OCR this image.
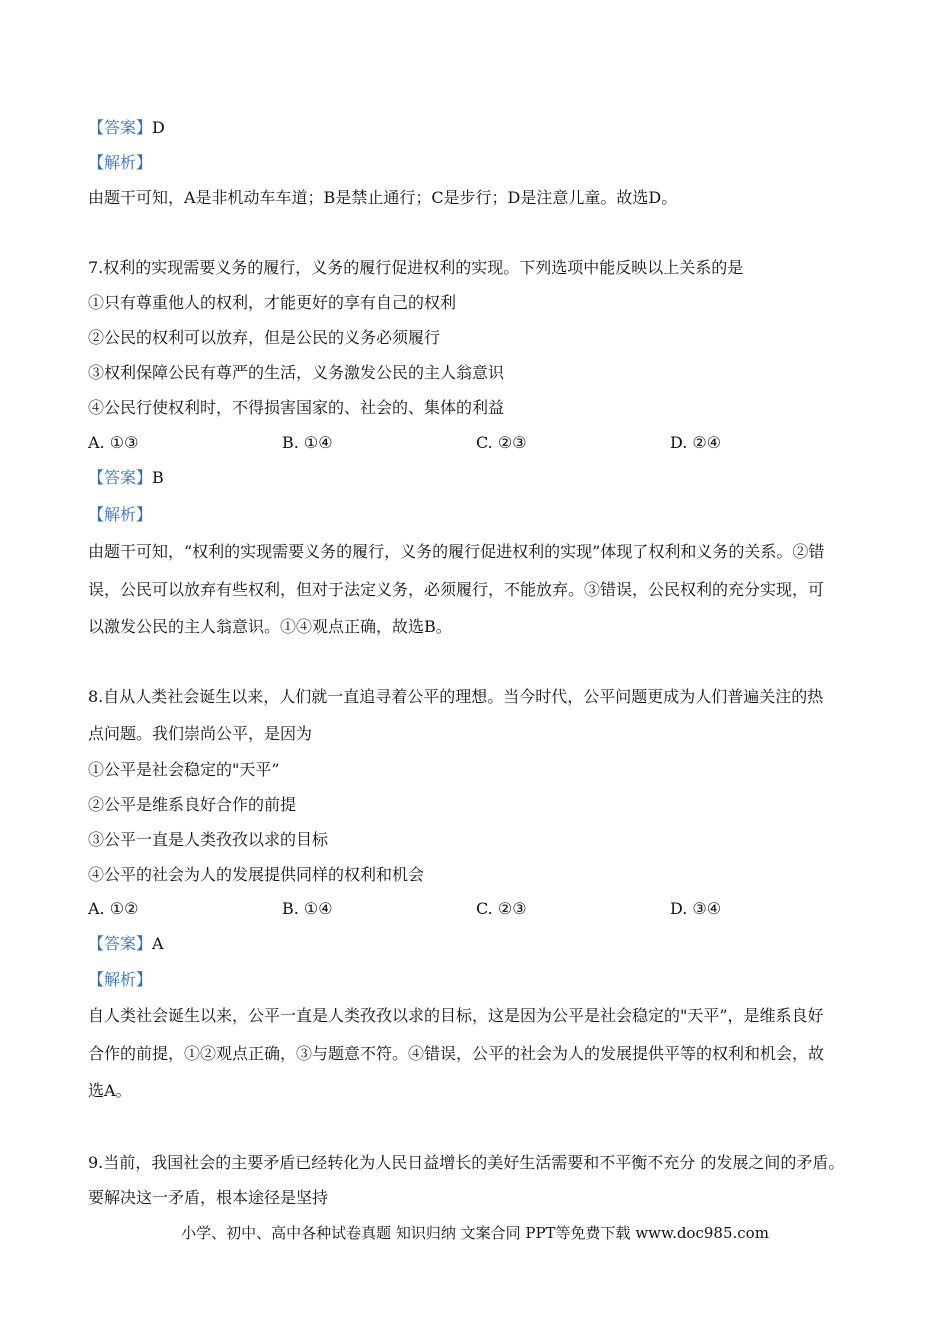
【答案】D
【解析】
由题干可知，A是非机动车车道；B是禁止通行；C是步行；D是注意儿童。故选D。
7.权利的实现需要义务的履行，义务的履行促进权利的实现。下列选项中能反映以上关系的是
①只有尊重他人的权利，才能更好的享有自己的权利
②公民的权利可以放弃，但是公民的义务必须履行
③权利保障公民有尊严的生活，义务激发公民的主人翁意识
④公民行使权利时，不得损害国家的、社会的、集体的利益
A. ①③	B. ①④	C. ②③	D. ②④
【答案】B
【解析】
由题干可知，“权利的实现需要义务的履行，义务的履行促进权利的实现”体现了权利和义务的关系。②错
误，公民可以放弃有些权利，但对于法定义务，必须履行，不能放弃。③错误，公民权利的充分实现，可
以激发公民的主人翁意识。①④观点正确，故选B。
8.自从人类社会诞生以来，人们就一直追寻着公平的理想。当今时代，公平问题更成为人们普遍关注的热
点问题。我们崇尚公平，是因为
①公平是社会稳定的"天平”
②公平是维系良好合作的前提
③公平一直是人类孜孜以求的目标
④公平的社会为人的发展提供同样的权利和机会
A. ①②	B. ①④	C. ②③	D. ③④
【答案】A
【解析】
自人类社会诞生以来，公平一直是人类孜孜以求的目标，这是因为公平是社会稳定的"天平”，是维系良好
合作的前提，①②观点正确，③与题意不符。④错误，公平的社会为人的发展提供平等的权利和机会，故
选A。
9.当前，我国社会的主要矛盾已经转化为人民日益增长的美好生活需要和不平衡不充分 的发展之间的矛盾。
要解决这一矛盾，根本途径是坚持
小学、初中、高中各种试卷真题 知识归纳 文案合同 PPT等免费下载 www.doc985.com
